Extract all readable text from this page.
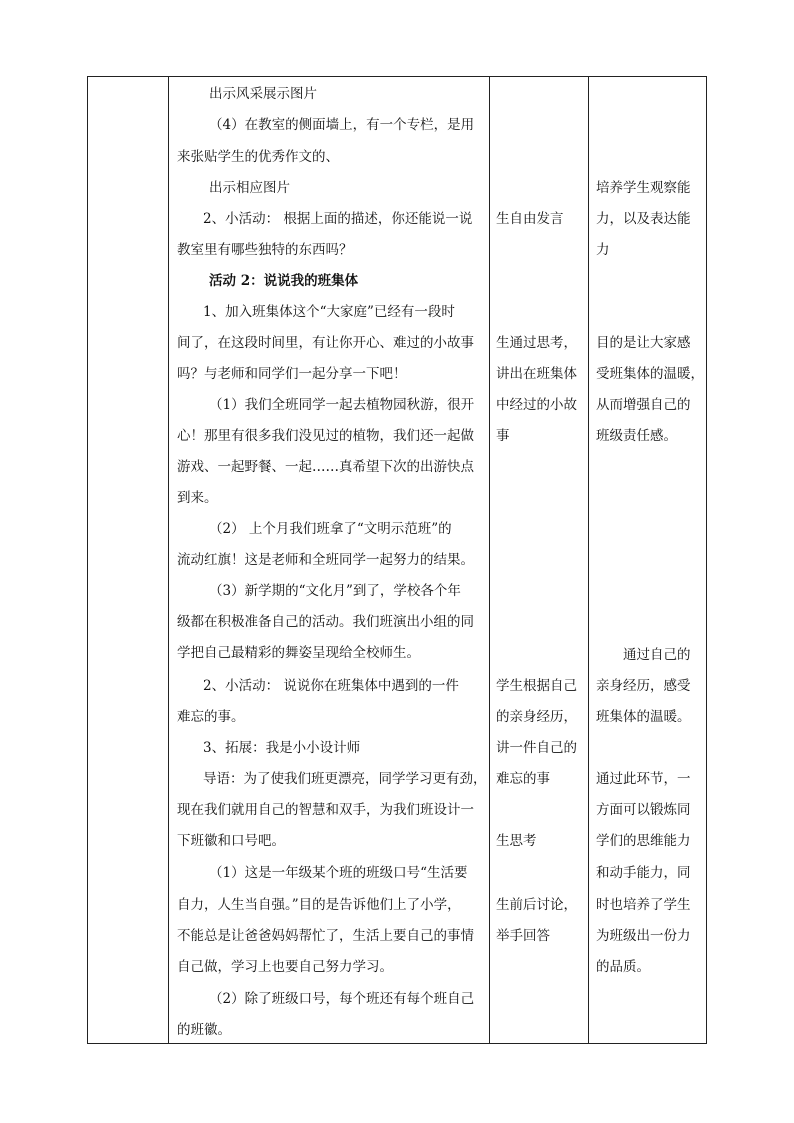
出示风采展示图片
（4）在教室的侧面墙上，有一个专栏，是用
来张贴学生的优秀作文的、
出示相应图片
2、小活动： 根据上面的描述，你还能说一说
教室里有哪些独特的东西吗？
活动 2：说说我的班集体
1、加入班集体这个“大家庭”已经有一段时
间了，在这段时间里，有让你开心、难过的小故事
吗？与老师和同学们一起分享一下吧！
（1）我们全班同学一起去植物园秋游，很开
心！那里有很多我们没见过的植物，我们还一起做
游戏、一起野餐、一起……真希望下次的出游快点
到来。
（2） 上个月我们班拿了“文明示范班”的
流动红旗！这是老师和全班同学一起努力的结果。
（3）新学期的“文化月”到了，学校各个年
级都在积极准备自己的活动。我们班演出小组的同
学把自己最精彩的舞姿呈现给全校师生。
2、小活动： 说说你在班集体中遇到的一件
难忘的事。
3、拓展：我是小小设计师
导语：为了使我们班更漂亮，同学学习更有劲，
现在我们就用自己的智慧和双手，为我们班设计一
下班徽和口号吧。
（1）这是一年级某个班的班级口号“生活要
自力，人生当自强。”目的是告诉他们上了小学，
不能总是让爸爸妈妈帮忙了，生活上要自己的事情
自己做，学习上也要自己努力学习。
（2）除了班级口号，每个班还有每个班自己
的班徽。
生自由发言
生通过思考，
讲出在班集体
中经过的小故
事
学生根据自己
的亲身经历，
讲一件自己的
难忘的事
生思考
生前后讨论，
举手回答
培养学生观察能
力，以及表达能
力
目的是让大家感
受班集体的温暖，
从而增强自己的
班级责任感。
通过自己的
亲身经历，感受
班集体的温暖。
通过此环节，一
方面可以锻炼同
学们的思维能力
和动手能力，同
时也培养了学生
为班级出一份力
的品质。
